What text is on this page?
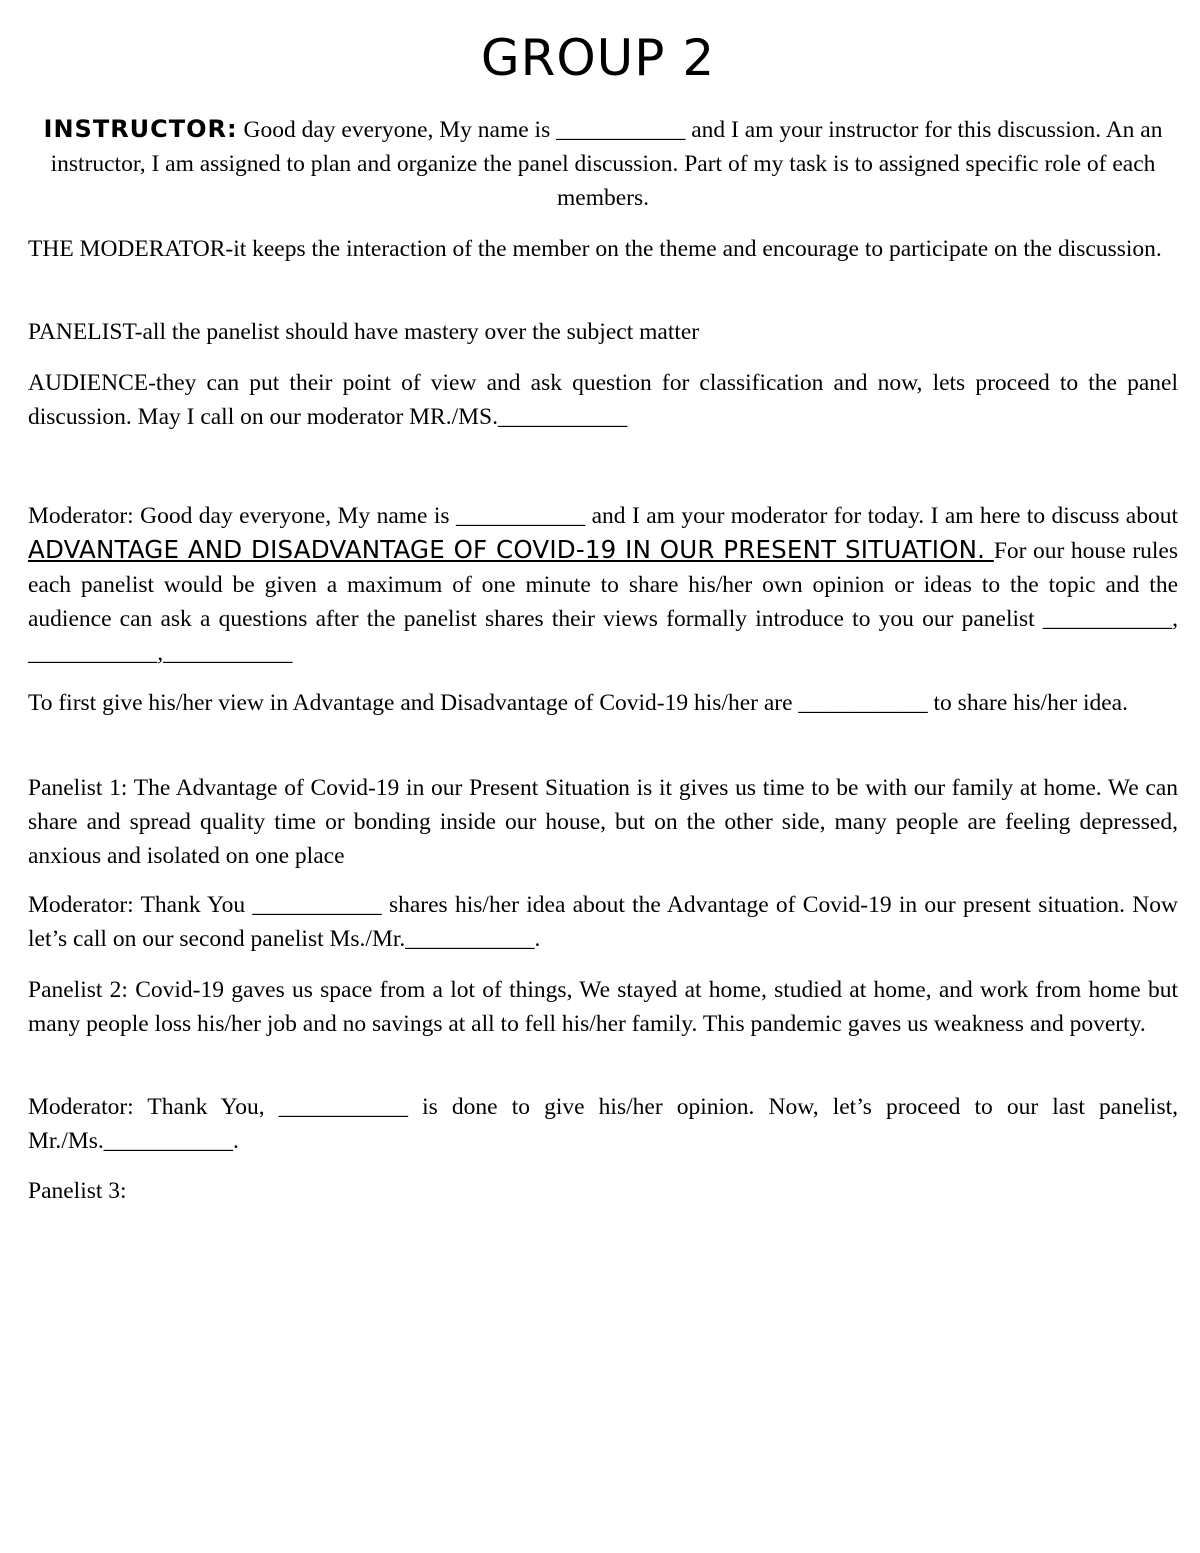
GROUP 2

INSTRUCTOR: Good day everyone, My name is ___________ and I am your instructor for this discussion. An an instructor, I am assigned to plan and organize the panel discussion. Part of my task is to assigned specific role of each members.

THE MODERATOR-it keeps the interaction of the member on the theme and encourage to participate on the discussion.

PANELIST-all the panelist should have mastery over the subject matter

AUDIENCE-they can put their point of view and ask question for classification and now, lets proceed to the panel discussion. May I call on our moderator MR./MS.___________

Moderator: Good day everyone, My name is ___________ and I am your moderator for today. I am here to discuss about ADVANTAGE AND DISADVANTAGE OF COVID-19 IN OUR PRESENT SITUATION. For our house rules each panelist would be given a maximum of one minute to share his/her own opinion or ideas to the topic and the audience can ask a questions after the panelist shares their views formally introduce to you our panelist ___________, ___________,___________

To first give his/her view in Advantage and Disadvantage of Covid-19 his/her are ___________ to share his/her idea.

Panelist 1: The Advantage of Covid-19 in our Present Situation is it gives us time to be with our family at home. We can share and spread quality time or bonding inside our house, but on the other side, many people are feeling depressed, anxious and isolated on one place

Moderator: Thank You ___________ shares his/her idea about the Advantage of Covid-19 in our present situation. Now let’s call on our second panelist Ms./Mr.___________.

Panelist 2: Covid-19 gaves us space from a lot of things, We stayed at home, studied at home, and work from home but many people loss his/her job and no savings at all to fell his/her family. This pandemic gaves us weakness and poverty.

Moderator: Thank You, ___________ is done to give his/her opinion. Now, let’s proceed to our last panelist, Mr./Ms.___________.

Panelist 3:
